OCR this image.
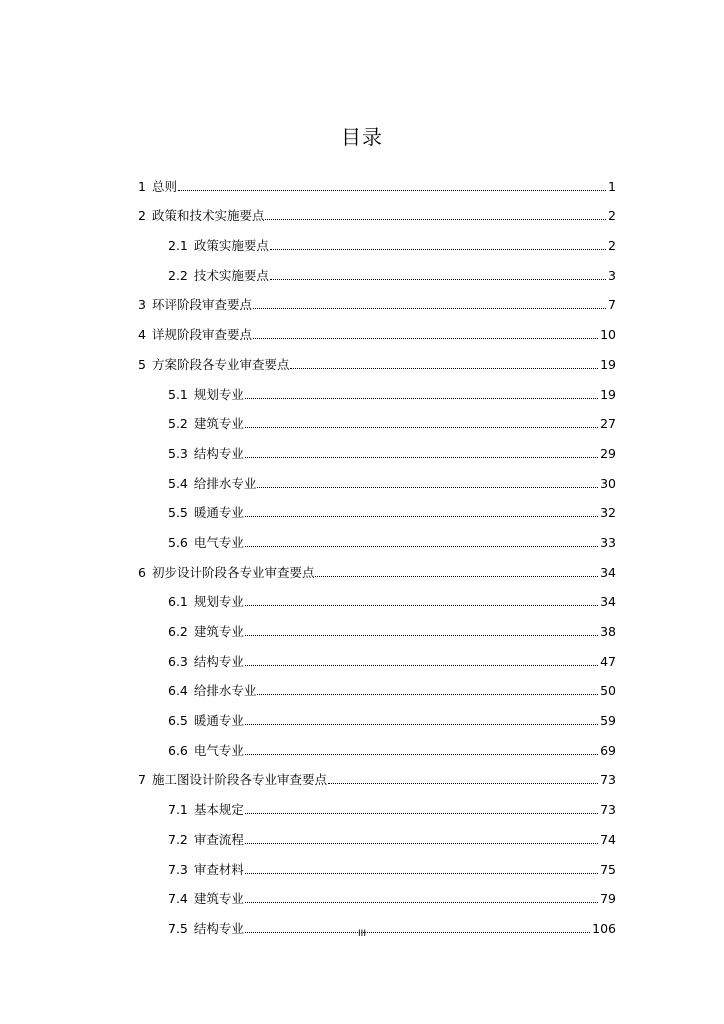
目录
1 总则	1
2 政策和技术实施要点	2
2.1 政策实施要点	2
2.2 技术实施要点	3
3 环评阶段审查要点	7
4 详规阶段审查要点	10
5 方案阶段各专业审查要点	19
5.1 规划专业	19
5.2 建筑专业	27
5.3 结构专业	29
5.4 给排水专业	30
5.5 暖通专业	32
5.6 电气专业	33
6 初步设计阶段各专业审查要点	34
6.1 规划专业	34
6.2 建筑专业	38
6.3 结构专业	47
6.4 给排水专业	50
6.5 暖通专业	59
6.6 电气专业	69
7 施工图设计阶段各专业审查要点	73
7.1 基本规定	73
7.2 审查流程	74
7.3 审查材料	75
7.4 建筑专业	79
7.5 结构专业	106

III
